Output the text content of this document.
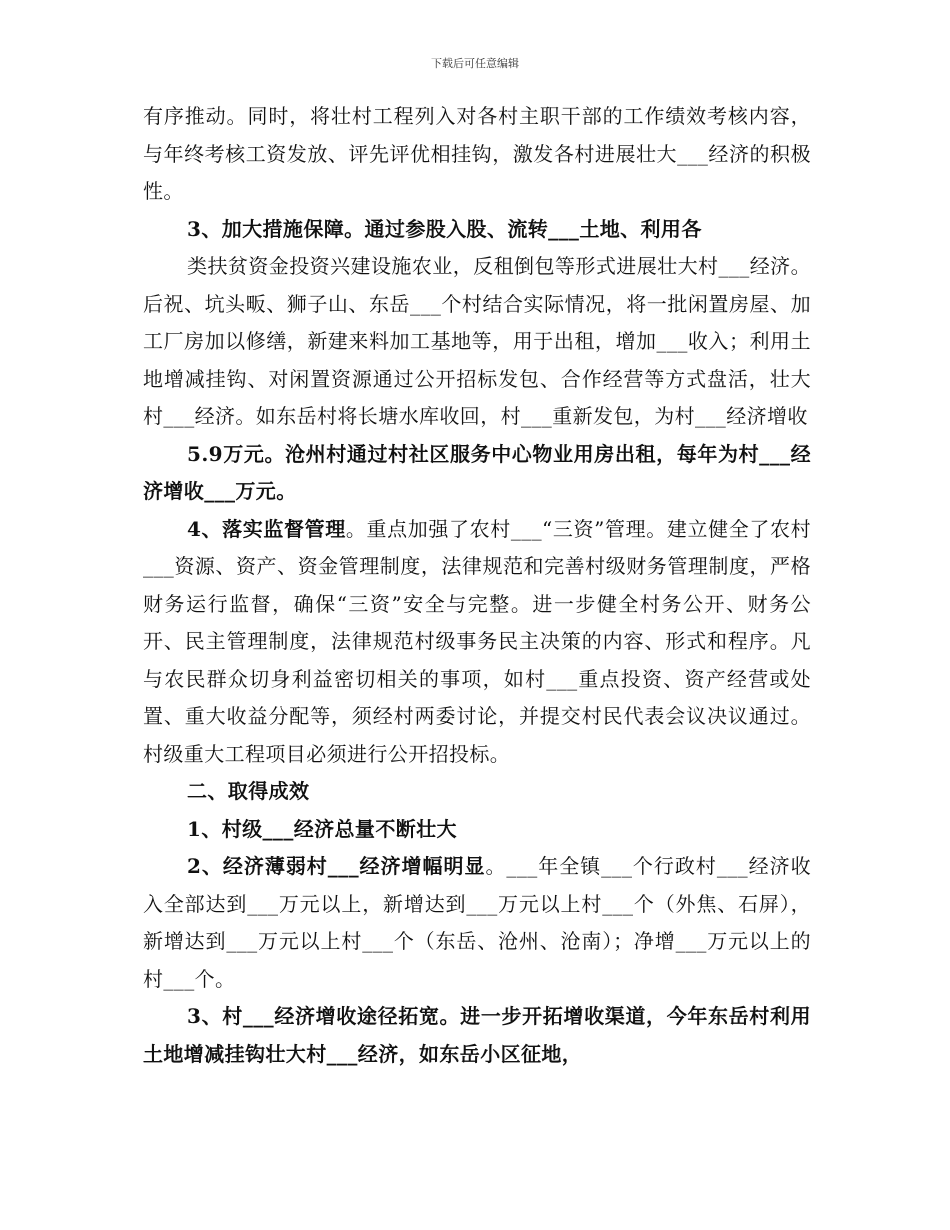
下载后可任意编辑

有序推动。同时，将壮村工程列入对各村主职干部的工作绩效考核内容，与年终考核工资发放、评先评优相挂钩，激发各村进展壮大___经济的积极性。

3、加大措施保障。通过参股入股、流转___土地、利用各

类扶贫资金投资兴建设施农业，反租倒包等形式进展壮大村___经济。后祝、坑头畈、狮子山、东岳___个村结合实际情况，将一批闲置房屋、加工厂房加以修缮，新建来料加工基地等，用于出租，增加___收入；利用土地增减挂钩、对闲置资源通过公开招标发包、合作经营等方式盘活，壮大村___经济。如东岳村将长塘水库收回，村___重新发包，为村___经济增收

5.9万元。沧州村通过村社区服务中心物业用房出租，每年为村___经济增收___万元。

4、落实监督管理。重点加强了农村___“三资”管理。建立健全了农村___资源、资产、资金管理制度，法律规范和完善村级财务管理制度，严格财务运行监督，确保“三资”安全与完整。进一步健全村务公开、财务公开、民主管理制度，法律规范村级事务民主决策的内容、形式和程序。凡与农民群众切身利益密切相关的事项，如村___重点投资、资产经营或处置、重大收益分配等，须经村两委讨论，并提交村民代表会议决议通过。村级重大工程项目必须进行公开招投标。

二、取得成效

1、村级___经济总量不断壮大

2、经济薄弱村___经济增幅明显。___年全镇___个行政村___经济收入全部达到___万元以上，新增达到___万元以上村___个（外焦、石屏），新增达到___万元以上村___个（东岳、沧州、沧南）；净增___万元以上的村___个。

3、村___经济增收途径拓宽。进一步开拓增收渠道，今年东岳村利用土地增减挂钩壮大村___经济，如东岳小区征地，
